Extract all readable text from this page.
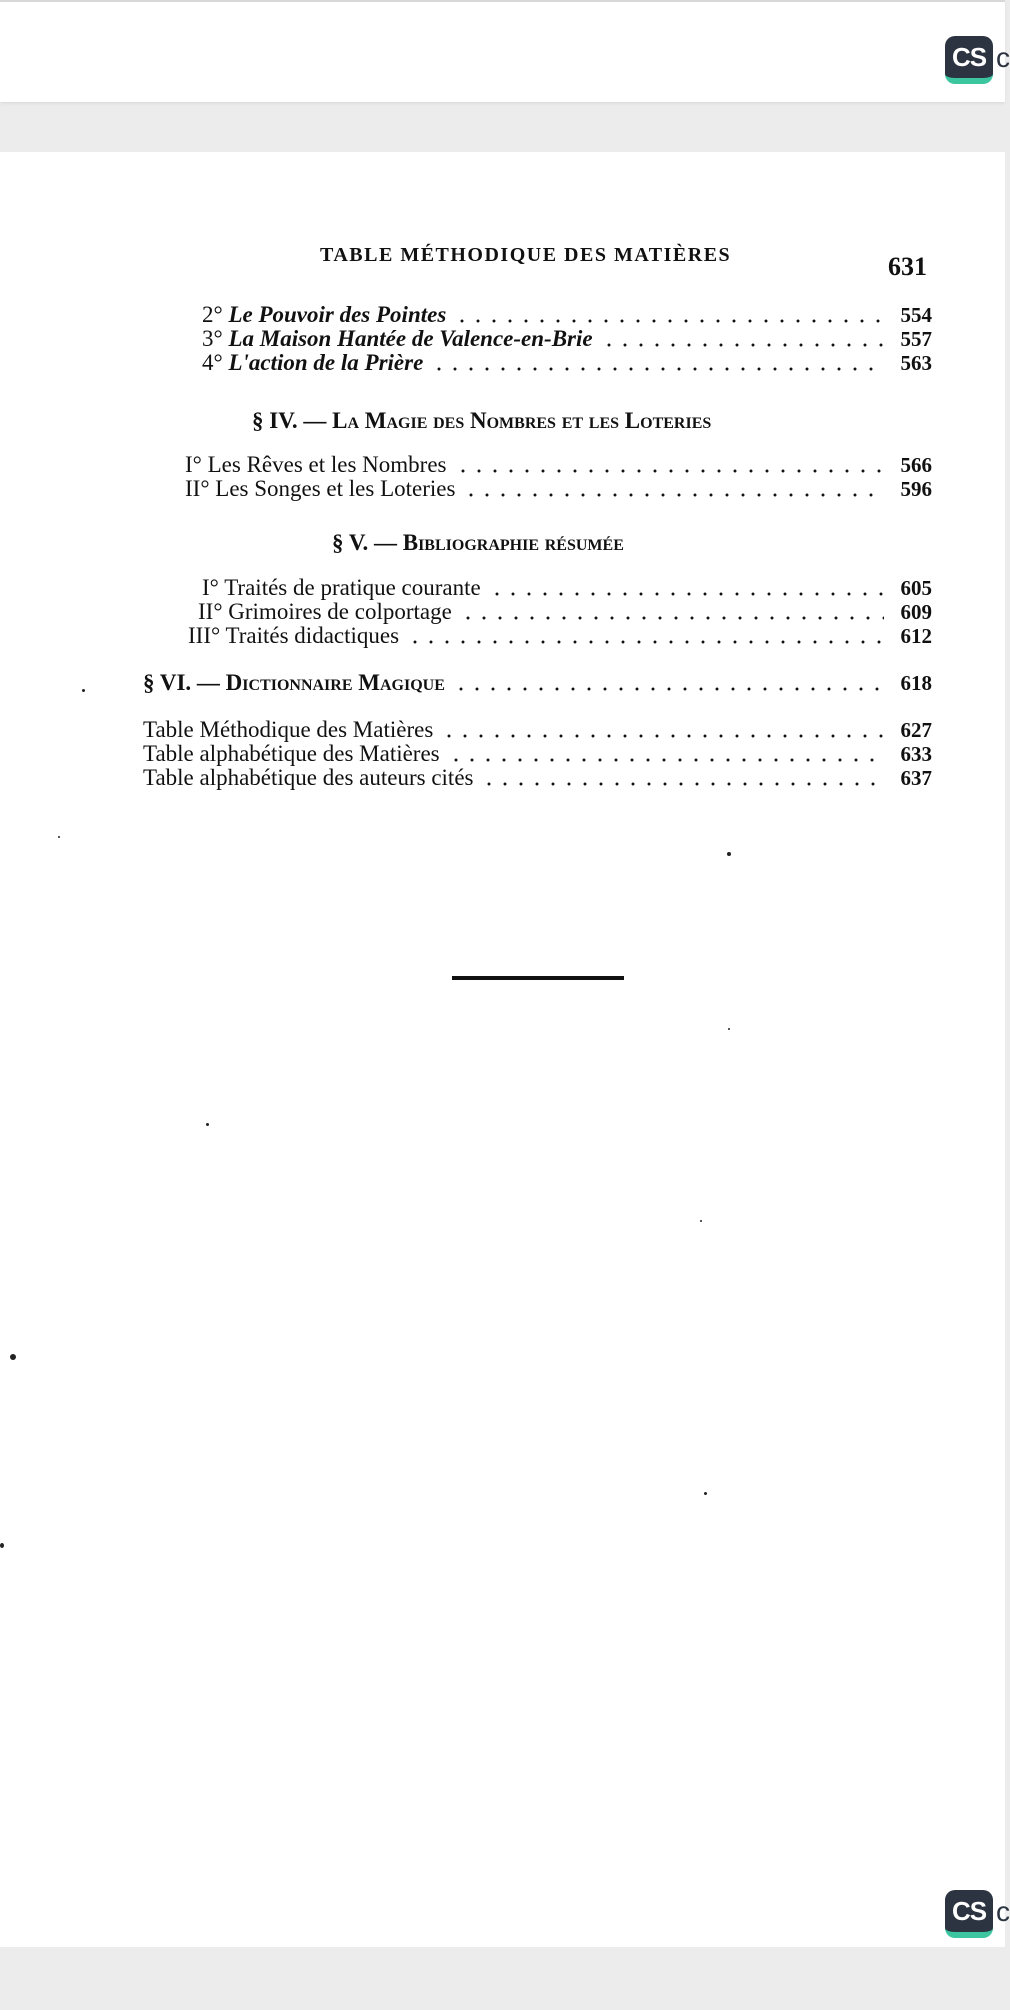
CS c
TABLE MÉTHODIQUE DES MATIÈRES	631
2° Le Pouvoir des Pointes	554
3° La Maison Hantée de Valence-en-Brie	557
4° L'action de la Prière	563
§ IV. — La Magie des Nombres et les Loteries
I° Les Rêves et les Nombres	566
II° Les Songes et les Loteries	596
§ V. — Bibliographie résumée
I° Traités de pratique courante	605
II° Grimoires de colportage	609
III° Traités didactiques	612
§ VI. — Dictionnaire Magique	618
Table Méthodique des Matières	627
Table alphabétique des Matières	633
Table alphabétique des auteurs cités	637
CS c
